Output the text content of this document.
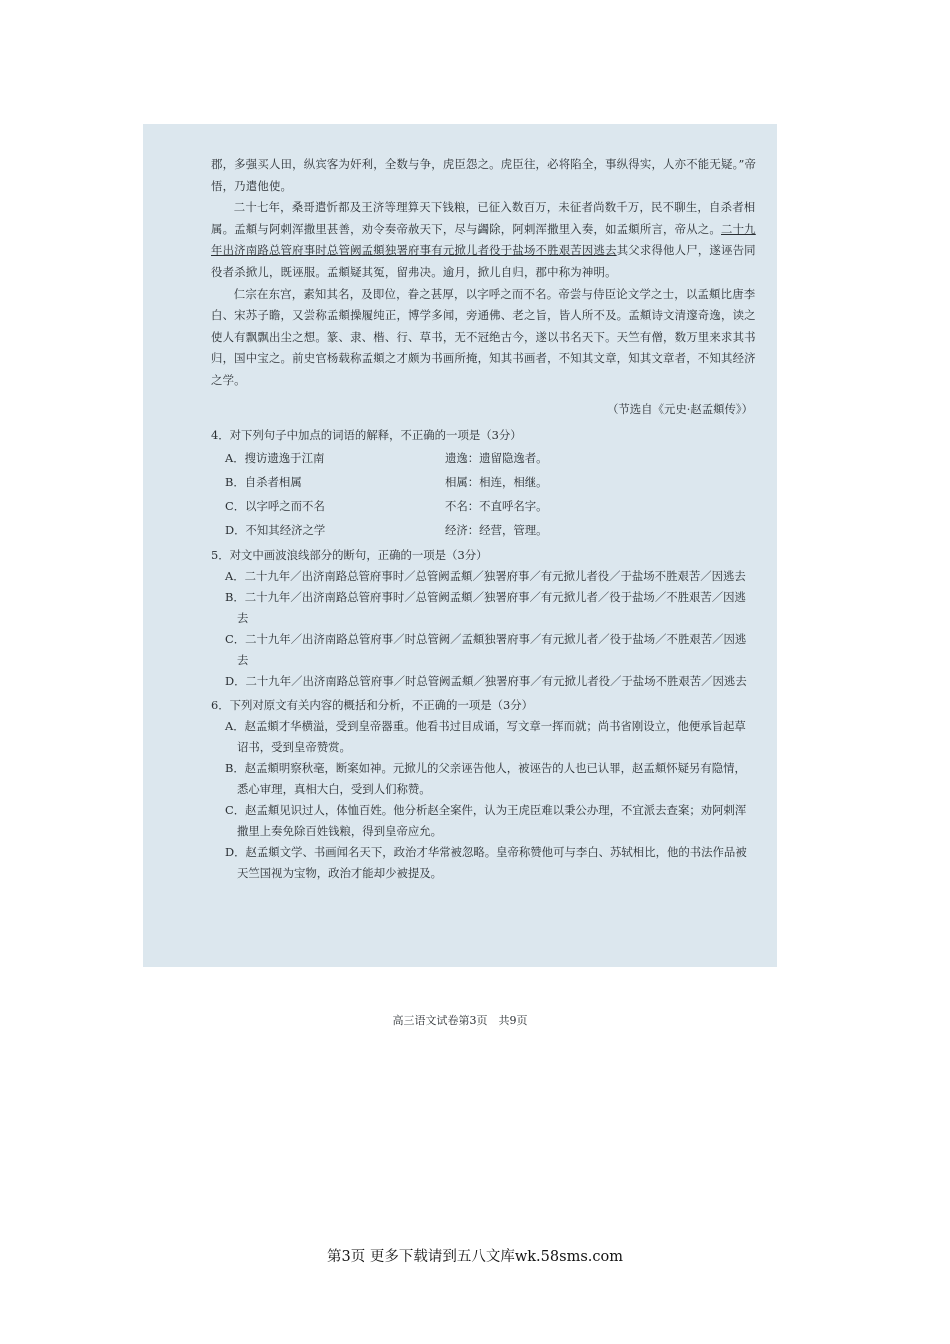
郡，多强买人田，纵宾客为奸利，全数与争，虎臣怨之。虎臣往，必将陷全，事纵得实，人亦不能无疑。”帝悟，乃遣他使。

二十七年，桑哥遣忻都及王济等理算天下钱粮，已征入数百万，未征者尚数千万，民不聊生，自杀者相属。孟頫与阿剌浑撒里甚善，劝令奏帝赦天下，尽与蠲除，阿剌浑撒里入奏，如孟頫所言，帝从之。二十九年出济南路总管府事时总管阙孟頫独署府事有元掀儿者役于盐场不胜艰苦因逃去其父求得他人尸，遂诬告同役者杀掀儿，既诬服。孟頫疑其冤，留弗决。逾月，掀儿自归，郡中称为神明。

仁宗在东宫，素知其名，及即位，眷之甚厚，以字呼之而不名。帝尝与侍臣论文学之士，以孟頫比唐李白、宋苏子瞻，又尝称孟頫操履纯正，博学多闻，旁通佛、老之旨，皆人所不及。孟頫诗文清邃奇逸，读之使人有飘飘出尘之想。篆、隶、楷、行、草书，无不冠绝古今，遂以书名天下。天竺有僧，数万里来求其书归，国中宝之。前史官杨载称孟頫之才颇为书画所掩，知其书画者，不知其文章，知其文章者，不知其经济之学。

（节选自《元史·赵孟頫传》）

4．对下列句子中加点的词语的解释，不正确的一项是（3分）

A．搜访遗逸于江南	遗逸：遗留隐逸者。
B．自杀者相属	相属：相连，相继。
C．以字呼之而不名	不名：不直呼名字。
D．不知其经济之学	经济：经营，管理。

5．对文中画波浪线部分的断句，正确的一项是（3分）

A．二十九年／出济南路总管府事时／总管阙孟頫／独署府事／有元掀儿者役／于盐场不胜艰苦／因逃去

B．二十九年／出济南路总管府事时／总管阙孟頫／独署府事／有元掀儿者／役于盐场／不胜艰苦／因逃去

C．二十九年／出济南路总管府事／时总管阙／孟頫独署府事／有元掀儿者／役于盐场／不胜艰苦／因逃去

D．二十九年／出济南路总管府事／时总管阙孟頫／独署府事／有元掀儿者役／于盐场不胜艰苦／因逃去

6．下列对原文有关内容的概括和分析，不正确的一项是（3分）

A．赵孟頫才华横溢，受到皇帝器重。他看书过目成诵，写文章一挥而就；尚书省刚设立，他便承旨起草诏书，受到皇帝赞赏。

B．赵孟頫明察秋毫，断案如神。元掀儿的父亲诬告他人，被诬告的人也已认罪，赵孟頫怀疑另有隐情，悉心审理，真相大白，受到人们称赞。

C．赵孟頫见识过人，体恤百姓。他分析赵全案件，认为王虎臣难以秉公办理，不宜派去查案；劝阿剌浑撒里上奏免除百姓钱粮，得到皇帝应允。

D．赵孟頫文学、书画闻名天下，政治才华常被忽略。皇帝称赞他可与李白、苏轼相比，他的书法作品被天竺国视为宝物，政治才能却少被提及。

高三语文试卷第3页　共9页
第3页 更多下载请到五八文库wk.58sms.com
